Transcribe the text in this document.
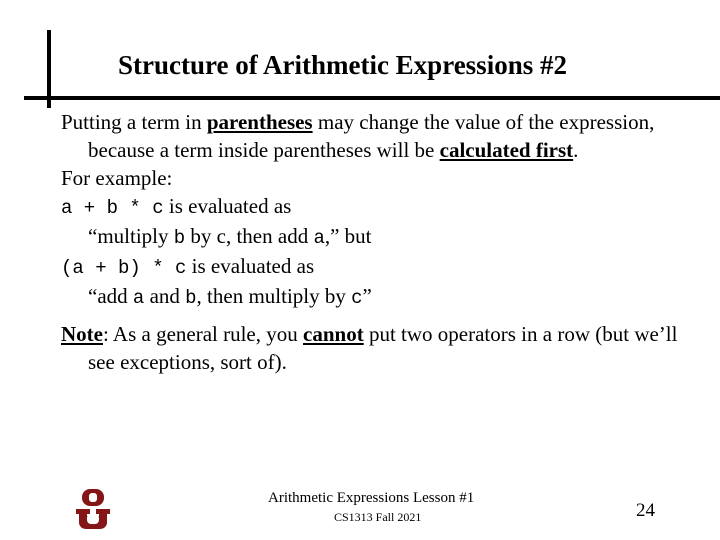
Structure of Arithmetic Expressions #2
Putting a term in parentheses may change the value of the expression, because a term inside parentheses will be calculated first.
For example:
a + b * c is evaluated as
“multiply b by c, then add a,” but
(a + b) * c is evaluated as
“add a and b, then multiply by c”
Note: As a general rule, you cannot put two operators in a row (but we’ll see exceptions, sort of).
Arithmetic Expressions Lesson #1
CS1313 Fall 2021	24
